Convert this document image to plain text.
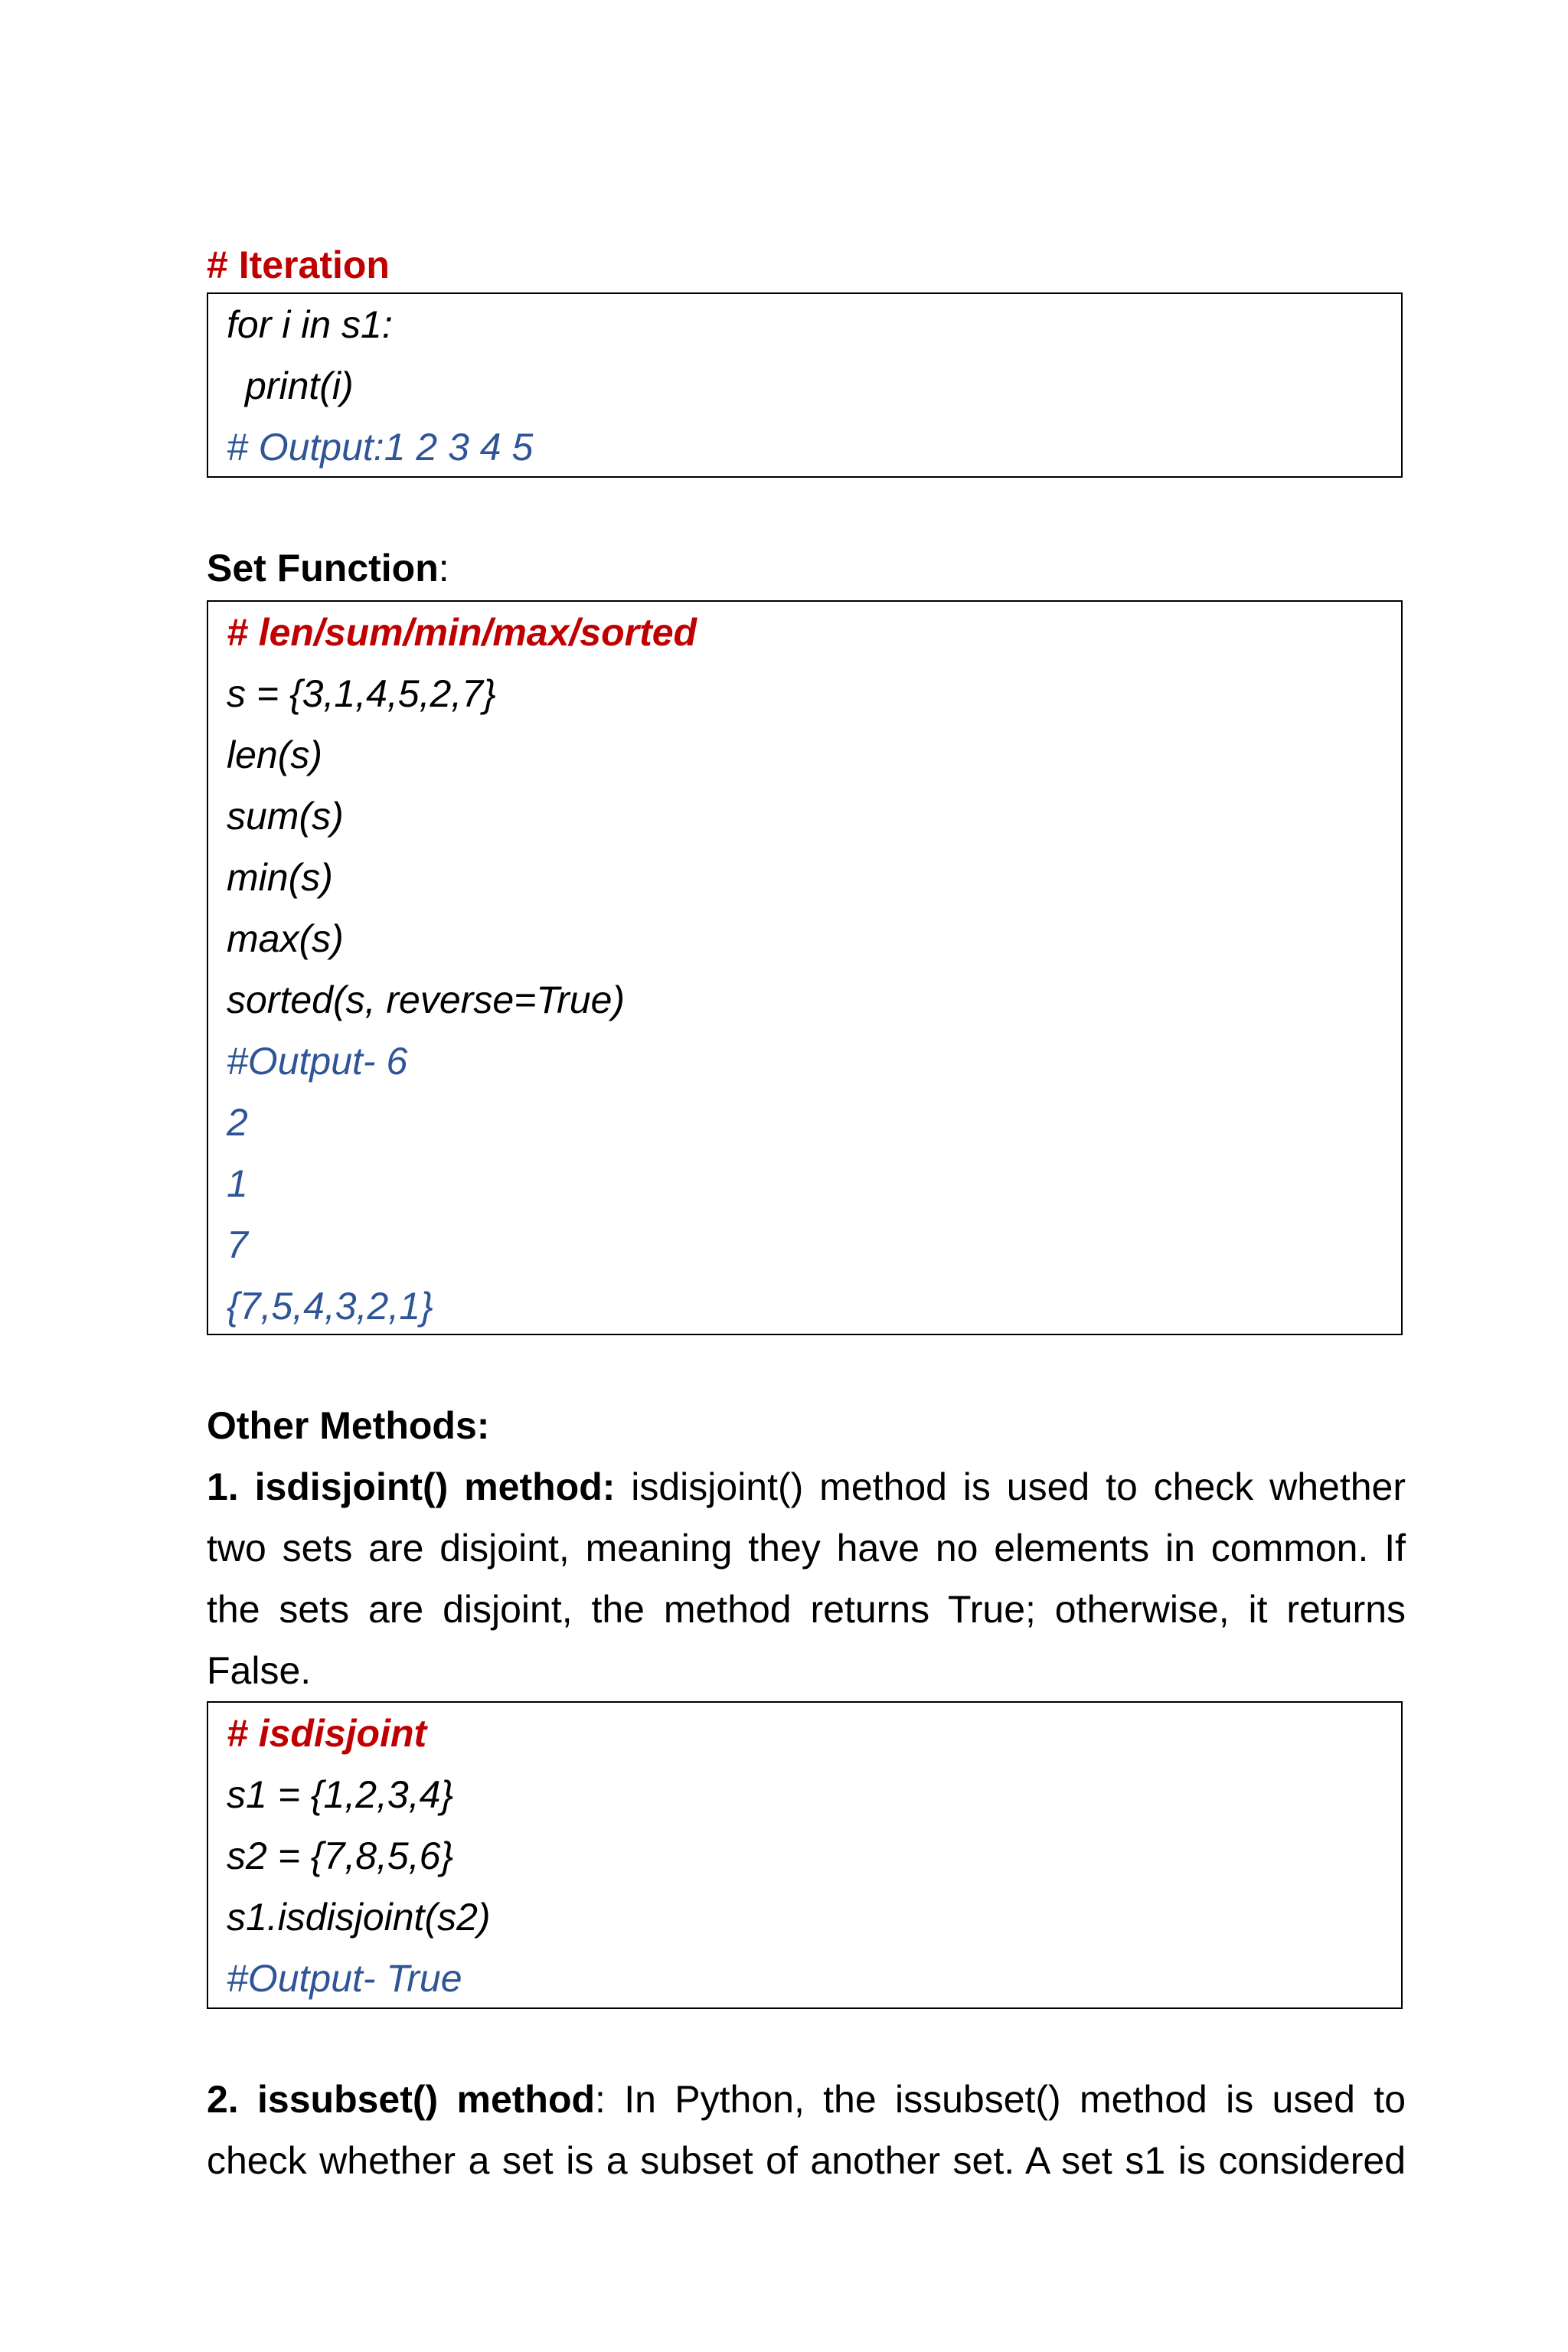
# Iteration
for i in s1:
print(i)
# Output:1 2 3 4 5
Set Function:
# len/sum/min/max/sorted
s = {3,1,4,5,2,7}
len(s)
sum(s)
min(s)
max(s)
sorted(s, reverse=True)
#Output- 6
2
1
7
{7,5,4,3,2,1}
Other Methods:
1. isdisjoint() method: isdisjoint() method is used to check whether
two sets are disjoint, meaning they have no elements in common. If
the sets are disjoint, the method returns True; otherwise, it returns
False.
# isdisjoint
s1 = {1,2,3,4}
s2 = {7,8,5,6}
s1.isdisjoint(s2)
#Output- True
2. issubset() method: In Python, the issubset() method is used to
check whether a set is a subset of another set. A set s1 is considered
